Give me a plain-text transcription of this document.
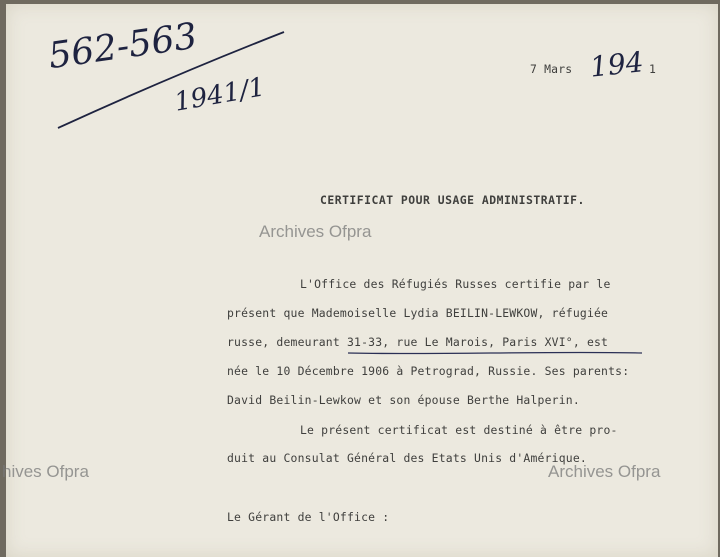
562-563
1941/1
7 Mars 194 1
CERTIFICAT POUR USAGE ADMINISTRATIF.
Archives Ofpra
hives Ofpra	Archives Ofpra
L'Office des Réfugiés Russes certifie par le
présent que Mademoiselle Lydia BEILIN-LEWKOW, réfugiée
russe, demeurant 31-33, rue Le Marois, Paris XVI°, est
née le 10 Décembre 1906 à Petrograd, Russie. Ses parents:
David Beilin-Lewkow et son épouse Berthe Halperin.
Le présent certificat est destiné à être pro-
duit au Consulat Général des Etats Unis d'Amérique.
Le Gérant de l'Office :
